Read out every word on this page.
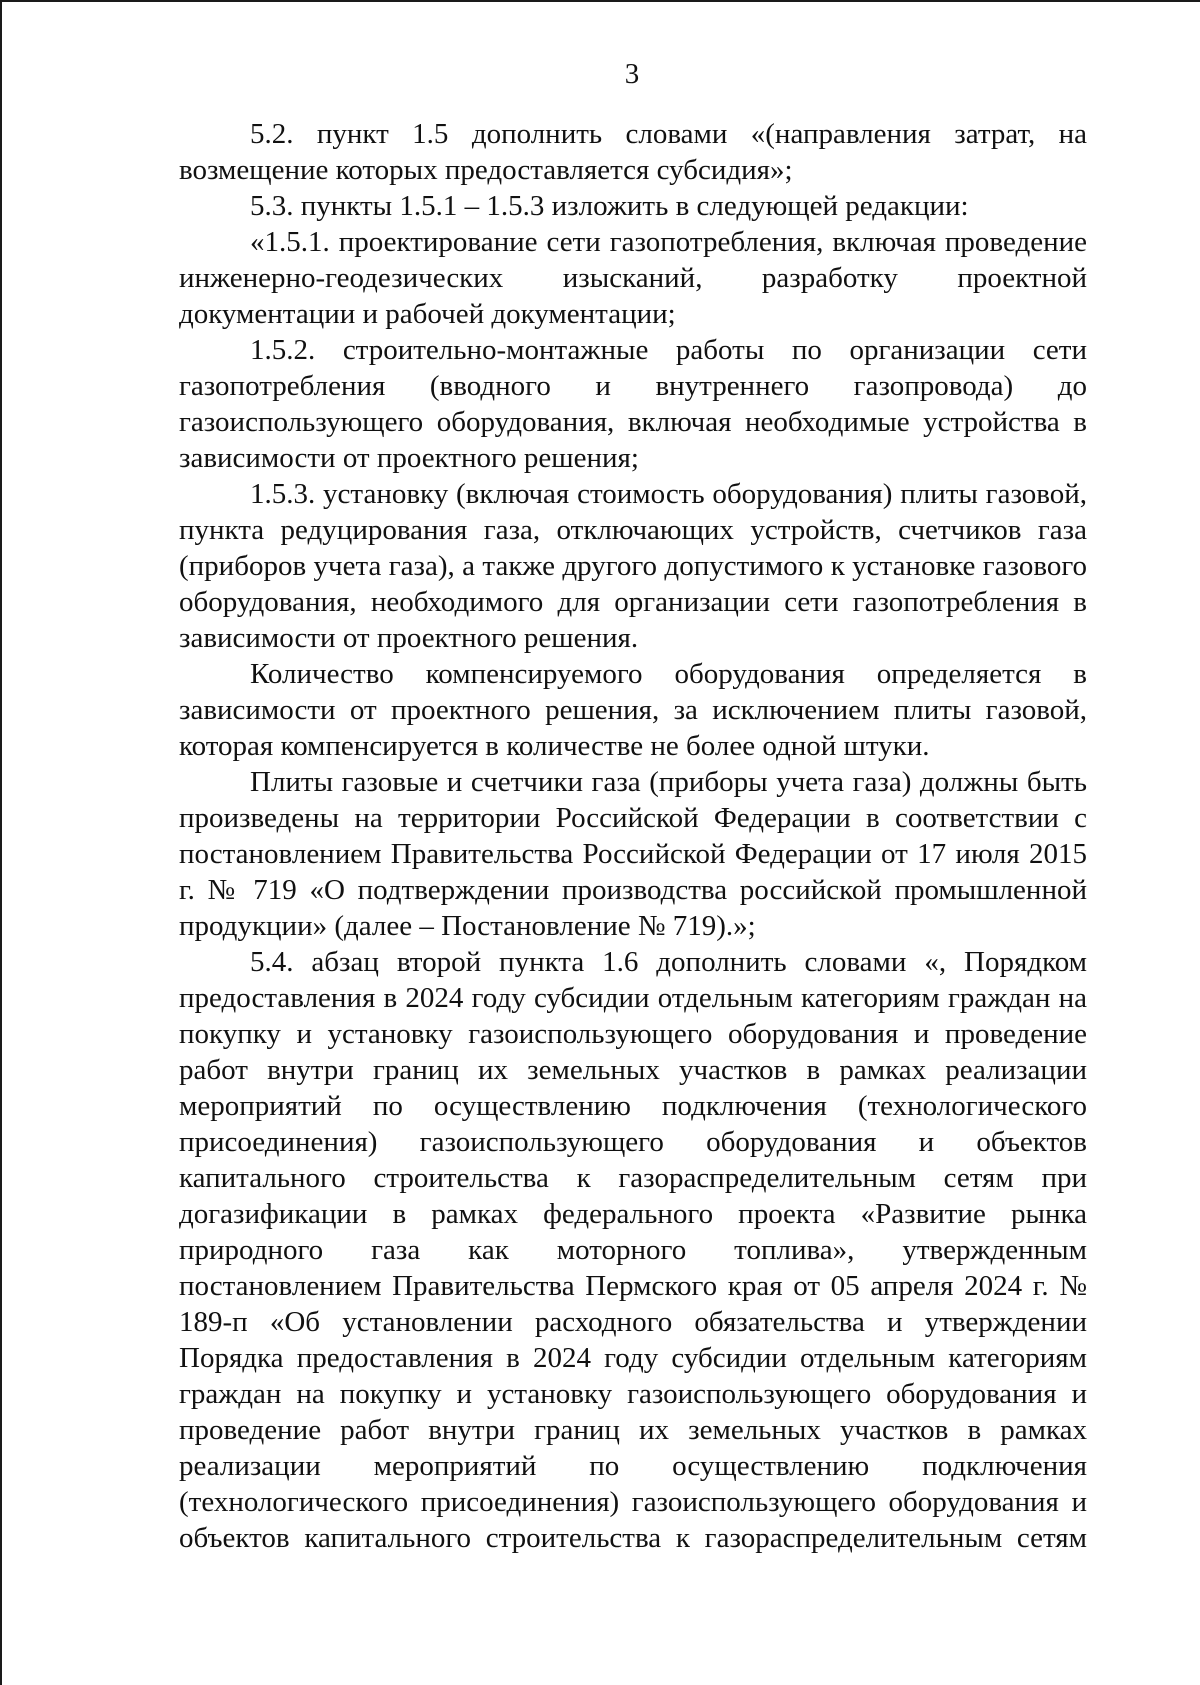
3

5.2. пункт 1.5 дополнить словами «(направления затрат, на возмещение которых предоставляется субсидия»;

5.3. пункты 1.5.1 – 1.5.3 изложить в следующей редакции:

«1.5.1. проектирование сети газопотребления, включая проведение инженерно-геодезических изысканий, разработку проектной документации и рабочей документации;

1.5.2. строительно-монтажные работы по организации сети газопотребления (вводного и внутреннего газопровода) до газоиспользующего оборудования, включая необходимые устройства в зависимости от проектного решения;

1.5.3. установку (включая стоимость оборудования) плиты газовой, пункта редуцирования газа, отключающих устройств, счетчиков газа (приборов учета газа), а также другого допустимого к установке газового оборудования, необходимого для организации сети газопотребления в зависимости от проектного решения.

Количество компенсируемого оборудования определяется в зависимости от проектного решения, за исключением плиты газовой, которая компенсируется в количестве не более одной штуки.

Плиты газовые и счетчики газа (приборы учета газа) должны быть произведены на территории Российской Федерации в соответствии с постановлением Правительства Российской Федерации от 17 июля 2015 г. № 719 «О подтверждении производства российской промышленной продукции» (далее – Постановление № 719).»;

5.4. абзац второй пункта 1.6 дополнить словами «, Порядком предоставления в 2024 году субсидии отдельным категориям граждан на покупку и установку газоиспользующего оборудования и проведение работ внутри границ их земельных участков в рамках реализации мероприятий по осуществлению подключения (технологического присоединения) газоиспользующего оборудования и объектов капитального строительства к газораспределительным сетям при догазификации в рамках федерального проекта «Развитие рынка природного газа как моторного топлива», утвержденным постановлением Правительства Пермского края от 05 апреля 2024 г. № 189-п «Об установлении расходного обязательства и утверждении Порядка предоставления в 2024 году субсидии отдельным категориям граждан на покупку и установку газоиспользующего оборудования и проведение работ внутри границ их земельных участков в рамках реализации мероприятий по осуществлению подключения (технологического присоединения) газоиспользующего оборудования и объектов капитального строительства к газораспределительным сетям
